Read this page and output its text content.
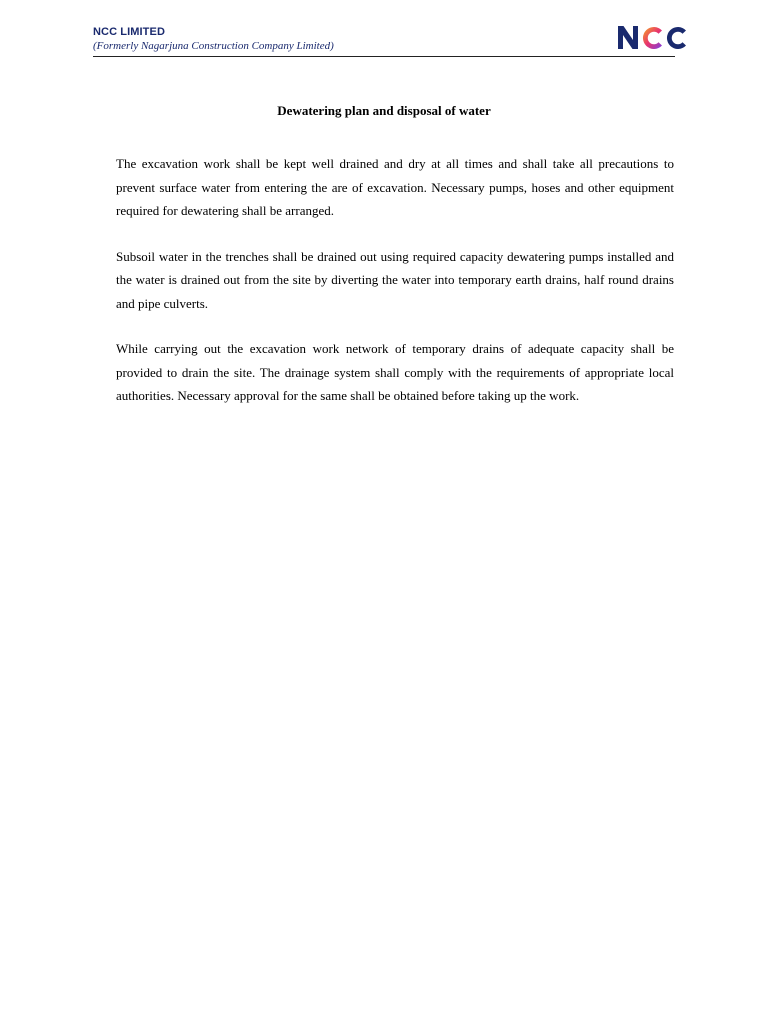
NCC LIMITED
(Formerly Nagarjuna Construction Company Limited)
Dewatering plan and disposal of water

The excavation work shall be kept well drained and dry at all times and shall take all precautions to prevent surface water from entering the are of excavation. Necessary pumps, hoses and other equipment required for dewatering shall be arranged.

Subsoil water in the trenches shall be drained out using required capacity dewatering pumps installed and the water is drained out from the site by diverting the water into temporary earth drains, half round drains and pipe culverts.

While carrying out the excavation work network of temporary drains of adequate capacity shall be provided to drain the site. The drainage system shall comply with the requirements of appropriate local authorities. Necessary approval for the same shall be obtained before taking up the work.
